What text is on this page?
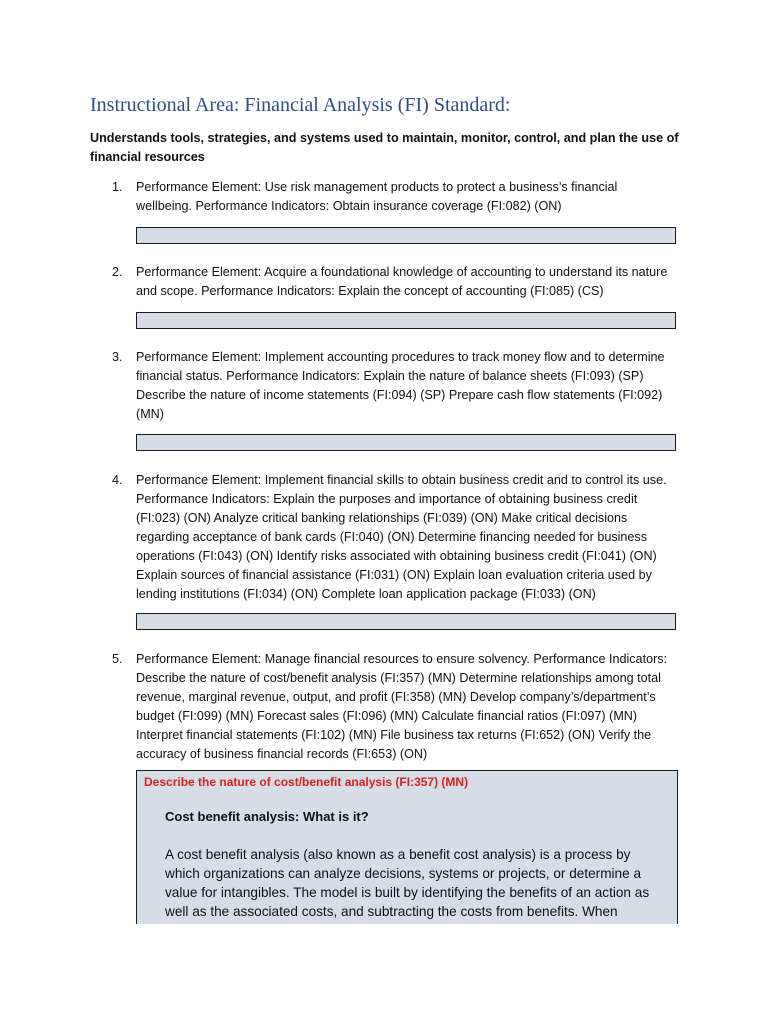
Instructional Area: Financial Analysis (FI) Standard:
Understands tools, strategies, and systems used to maintain, monitor, control, and plan the use of financial resources
1.	Performance Element: Use risk management products to protect a business’s financial wellbeing. Performance Indicators: Obtain insurance coverage (FI:082) (ON)
2.	Performance Element: Acquire a foundational knowledge of accounting to understand its nature and scope. Performance Indicators: Explain the concept of accounting (FI:085) (CS)
3.	Performance Element: Implement accounting procedures to track money flow and to determine financial status. Performance Indicators: Explain the nature of balance sheets (FI:093) (SP) Describe the nature of income statements (FI:094) (SP) Prepare cash flow statements (FI:092) (MN)
4.	Performance Element: Implement financial skills to obtain business credit and to control its use. Performance Indicators: Explain the purposes and importance of obtaining business credit (FI:023) (ON) Analyze critical banking relationships (FI:039) (ON) Make critical decisions regarding acceptance of bank cards (FI:040) (ON) Determine financing needed for business operations (FI:043) (ON) Identify risks associated with obtaining business credit (FI:041) (ON) Explain sources of financial assistance (FI:031) (ON) Explain loan evaluation criteria used by lending institutions (FI:034) (ON) Complete loan application package (FI:033) (ON)
5.	Performance Element: Manage financial resources to ensure solvency. Performance Indicators: Describe the nature of cost/benefit analysis (FI:357) (MN) Determine relationships among total revenue, marginal revenue, output, and profit (FI:358) (MN) Develop company’s/department’s budget (FI:099) (MN) Forecast sales (FI:096) (MN) Calculate financial ratios (FI:097) (MN) Interpret financial statements (FI:102) (MN) File business tax returns (FI:652) (ON) Verify the accuracy of business financial records (FI:653) (ON)
Describe the nature of cost/benefit analysis (FI:357) (MN)
Cost benefit analysis: What is it?
A cost benefit analysis (also known as a benefit cost analysis) is a process by which organizations can analyze decisions, systems or projects, or determine a value for intangibles. The model is built by identifying the benefits of an action as well as the associated costs, and subtracting the costs from benefits. When
